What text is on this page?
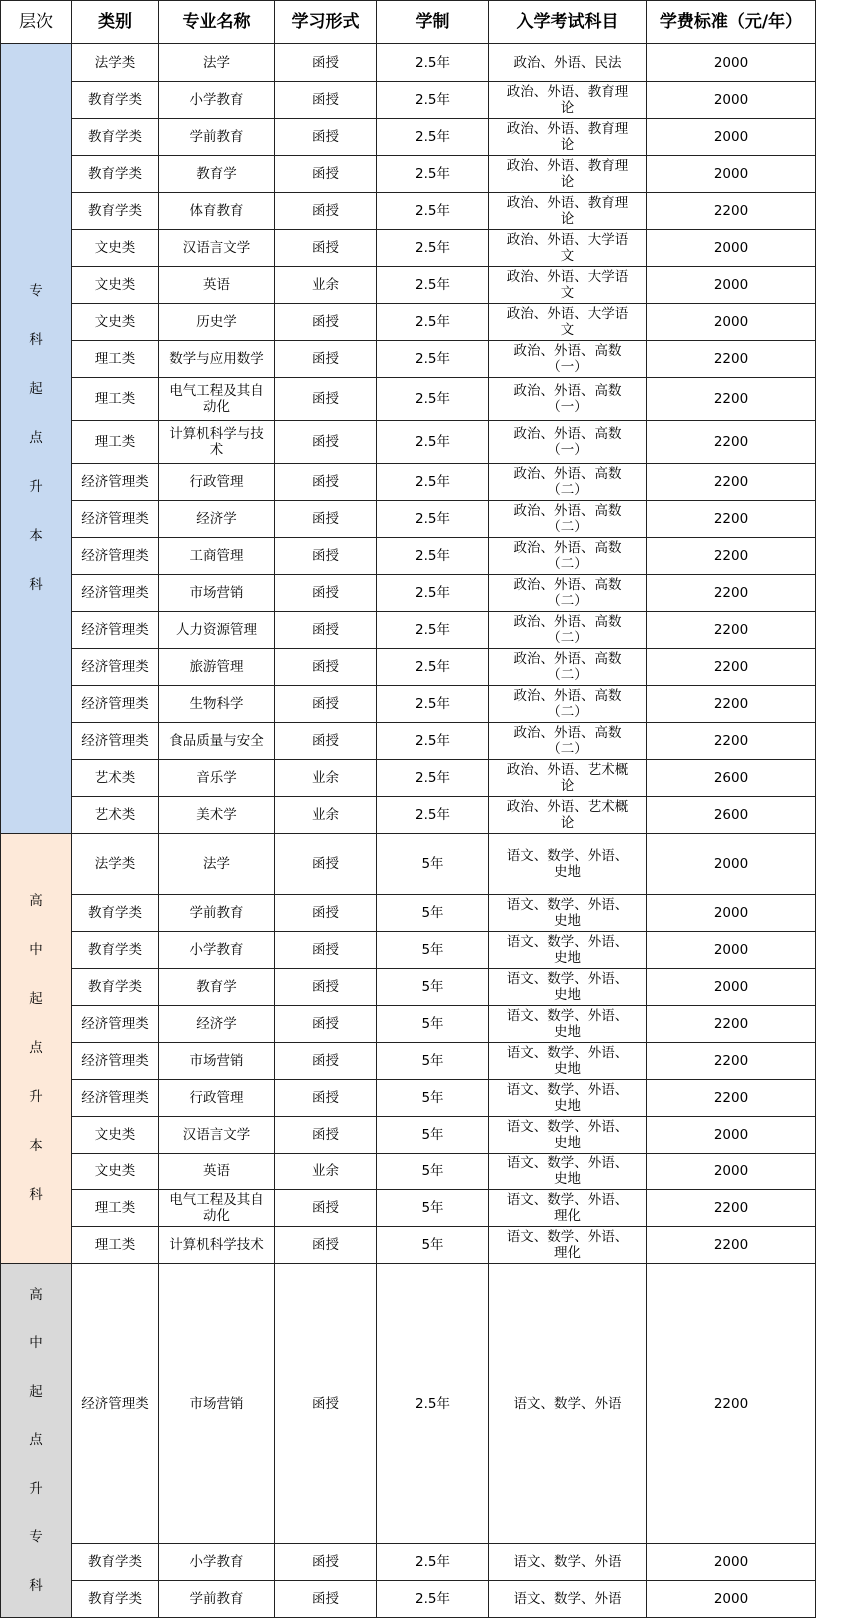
层次	类别	专业名称	学习形式	学制	入学考试科目	学费标准（元/年）

专科起点升本科	法学类	法学	函授	2.5年	政治、外语、民法	2000
	教育学类	小学教育	函授	2.5年	政治、外语、教育理论	2000
	教育学类	学前教育	函授	2.5年	政治、外语、教育理论	2000
	教育学类	教育学	函授	2.5年	政治、外语、教育理论	2000
	教育学类	体育教育	函授	2.5年	政治、外语、教育理论	2200
	文史类	汉语言文学	函授	2.5年	政治、外语、大学语文	2000
	文史类	英语	业余	2.5年	政治、外语、大学语文	2000
	文史类	历史学	函授	2.5年	政治、外语、大学语文	2000
	理工类	数学与应用数学	函授	2.5年	政治、外语、高数（一）	2200
	理工类	电气工程及其自动化	函授	2.5年	政治、外语、高数（一）	2200
	理工类	计算机科学与技术	函授	2.5年	政治、外语、高数（一）	2200
	经济管理类	行政管理	函授	2.5年	政治、外语、高数（二）	2200
	经济管理类	经济学	函授	2.5年	政治、外语、高数（二）	2200
	经济管理类	工商管理	函授	2.5年	政治、外语、高数（二）	2200
	经济管理类	市场营销	函授	2.5年	政治、外语、高数（二）	2200
	经济管理类	人力资源管理	函授	2.5年	政治、外语、高数（二）	2200
	经济管理类	旅游管理	函授	2.5年	政治、外语、高数（二）	2200
	经济管理类	生物科学	函授	2.5年	政治、外语、高数（二）	2200
	经济管理类	食品质量与安全	函授	2.5年	政治、外语、高数（二）	2200
	艺术类	音乐学	业余	2.5年	政治、外语、艺术概论	2600
	艺术类	美术学	业余	2.5年	政治、外语、艺术概论	2600

高中起点升本科	法学类	法学	函授	5年	语文、数学、外语、史地	2000
	教育学类	学前教育	函授	5年	语文、数学、外语、史地	2000
	教育学类	小学教育	函授	5年	语文、数学、外语、史地	2000
	教育学类	教育学	函授	5年	语文、数学、外语、史地	2000
	经济管理类	经济学	函授	5年	语文、数学、外语、史地	2200
	经济管理类	市场营销	函授	5年	语文、数学、外语、史地	2200
	经济管理类	行政管理	函授	5年	语文、数学、外语、史地	2200
	文史类	汉语言文学	函授	5年	语文、数学、外语、史地	2000
	文史类	英语	业余	5年	语文、数学、外语、史地	2000
	理工类	电气工程及其自动化	函授	5年	语文、数学、外语、理化	2200
	理工类	计算机科学技术	函授	5年	语文、数学、外语、理化	2200

高中起点升专科	经济管理类	市场营销	函授	2.5年	语文、数学、外语	2200
	教育学类	小学教育	函授	2.5年	语文、数学、外语	2000
	教育学类	学前教育	函授	2.5年	语文、数学、外语	2000
